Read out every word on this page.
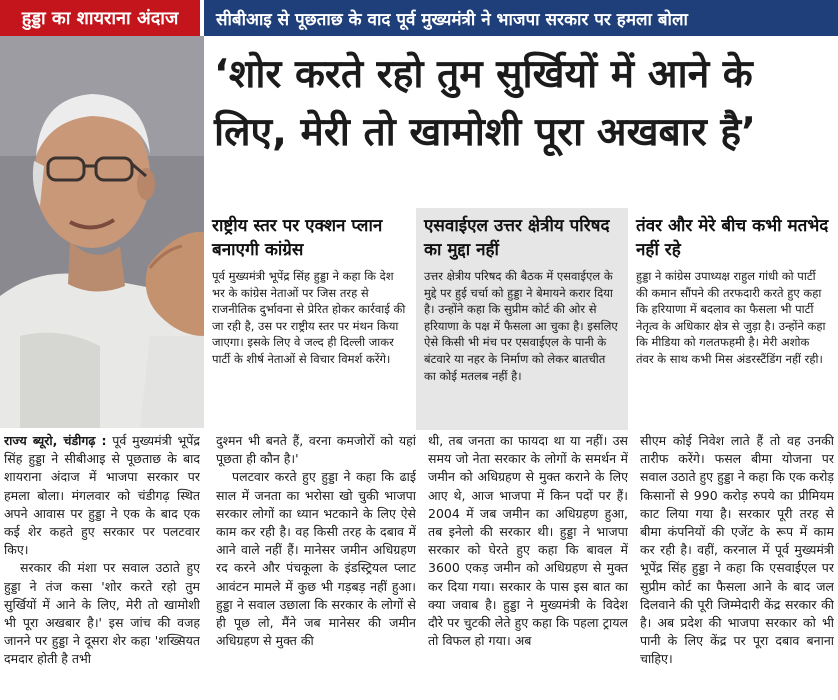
हुड्डा का शायराना अंदाज	सीबीआइ से पूछताछ के वाद पूर्व मुख्यमंत्री ने भाजपा सरकार पर हमला बोला
‘शोर करते रहो तुम सुर्खियों में आने के
लिए, मेरी तो खामोशी पूरा अखबार है’
राष्ट्रीय स्तर पर एक्शन प्लान बनाएगी कांग्रेस

पूर्व मुख्यमंत्री भूपेंद्र सिंह हुड्डा ने कहा कि देश भर के कांग्रेस नेताओं पर जिस तरह से राजनीतिक दुर्भावना से प्रेरित होकर कार्रवाई की जा रही है, उस पर राष्ट्रीय स्तर पर मंथन किया जाएगा। इसके लिए वे जल्द ही दिल्ली जाकर पार्टी के शीर्ष नेताओं से विचार विमर्श करेंगे।

एसवाईएल उत्तर क्षेत्रीय परिषद का मुद्दा नहीं

उत्तर क्षेत्रीय परिषद की बैठक में एसवाईएल के मुद्दे पर हुई चर्चा को हुड्डा ने बेमायने करार दिया है। उन्होंने कहा कि सुप्रीम कोर्ट की ओर से हरियाणा के पक्ष में फैसला आ चुका है। इसलिए ऐसे किसी भी मंच पर एसवाईएल के पानी के बंटवारे या नहर के निर्माण को लेकर बातचीत का कोई मतलब नहीं है।

तंवर और मेरे बीच कभी मतभेद नहीं रहे

हुड्डा ने कांग्रेस उपाध्यक्ष राहुल गांधी को पार्टी की कमान सौंपने की तरफदारी करते हुए कहा कि हरियाणा में बदलाव का फैसला भी पार्टी नेतृत्व के अधिकार क्षेत्र से जुड़ा है। उन्होंने कहा कि मीडिया को गलतफहमी है। मेरी अशोक तंवर के साथ कभी मिस अंडरस्टैंडिंग नहीं रही।

राज्य ब्यूरो, चंडीगढ़ : पूर्व मुख्यमंत्री भूपेंद्र सिंह हुड्डा ने सीबीआइ से पूछताछ के बाद शायराना अंदाज में भाजपा सरकार पर हमला बोला। मंगलवार को चंडीगढ़ स्थित अपने आवास पर हुड्डा ने एक के बाद एक कई शेर कहते हुए सरकार पर पलटवार किए।

सरकार की मंशा पर सवाल उठाते हुए हुड्डा ने तंज कसा 'शोर करते रहो तुम सुर्खियों में आने के लिए, मेरी तो खामोशी भी पूरा अखबार है।' इस जांच की वजह जानने पर हुड्डा ने दूसरा शेर कहा 'शख्सियत दमदार होती है तभी

दुश्मन भी बनते हैं, वरना कमजोरों को यहां पूछता ही कौन है।'

पलटवार करते हुए हुड्डा ने कहा कि ढाई साल में जनता का भरोसा खो चुकी भाजपा सरकार लोगों का ध्यान भटकाने के लिए ऐसे काम कर रही है। वह किसी तरह के दबाव में आने वाले नहीं हैं। मानेसर जमीन अधिग्रहण रद करने और पंचकूला के इंडस्ट्रियल प्लाट आवंटन मामले में कुछ भी गड़बड़ नहीं हुआ। हुड्डा ने सवाल उछाला कि सरकार के लोगों से ही पूछ लो, मैंने जब मानेसर की जमीन अधिग्रहण से मुक्त की

थी, तब जनता का फायदा था या नहीं। उस समय जो नेता सरकार के लोगों के समर्थन में जमीन को अधिग्रहण से मुक्त कराने के लिए आए थे, आज भाजपा में किन पदों पर हैं। 2004 में जब जमीन का अधिग्रहण हुआ, तब इनेलो की सरकार थी। हुड्डा ने भाजपा सरकार को घेरते हुए कहा कि बावल में 3600 एकड़ जमीन को अधिग्रहण से मुक्त कर दिया गया। सरकार के पास इस बात का क्या जवाब है। हुड्डा ने मुख्यमंत्री के विदेश दौरे पर चुटकी लेते हुए कहा कि पहला ट्रायल तो विफल हो गया। अब

सीएम कोई निवेश लाते हैं तो वह उनकी तारीफ करेंगे। फसल बीमा योजना पर सवाल उठाते हुए हुड्डा ने कहा कि एक करोड़ किसानों से 990 करोड़ रुपये का प्रीमियम काट लिया गया है। सरकार पूरी तरह से बीमा कंपनियों की एजेंट के रूप में काम कर रही है। वहीं, करनाल में पूर्व मुख्यमंत्री भूपेंद्र सिंह हुड्डा ने कहा कि एसवाईएल पर सुप्रीम कोर्ट का फैसला आने के बाद जल दिलवाने की पूरी जिम्मेदारी केंद्र सरकार की है। अब प्रदेश की भाजपा सरकार को भी पानी के लिए केंद्र पर पूरा दबाव बनाना चाहिए।
